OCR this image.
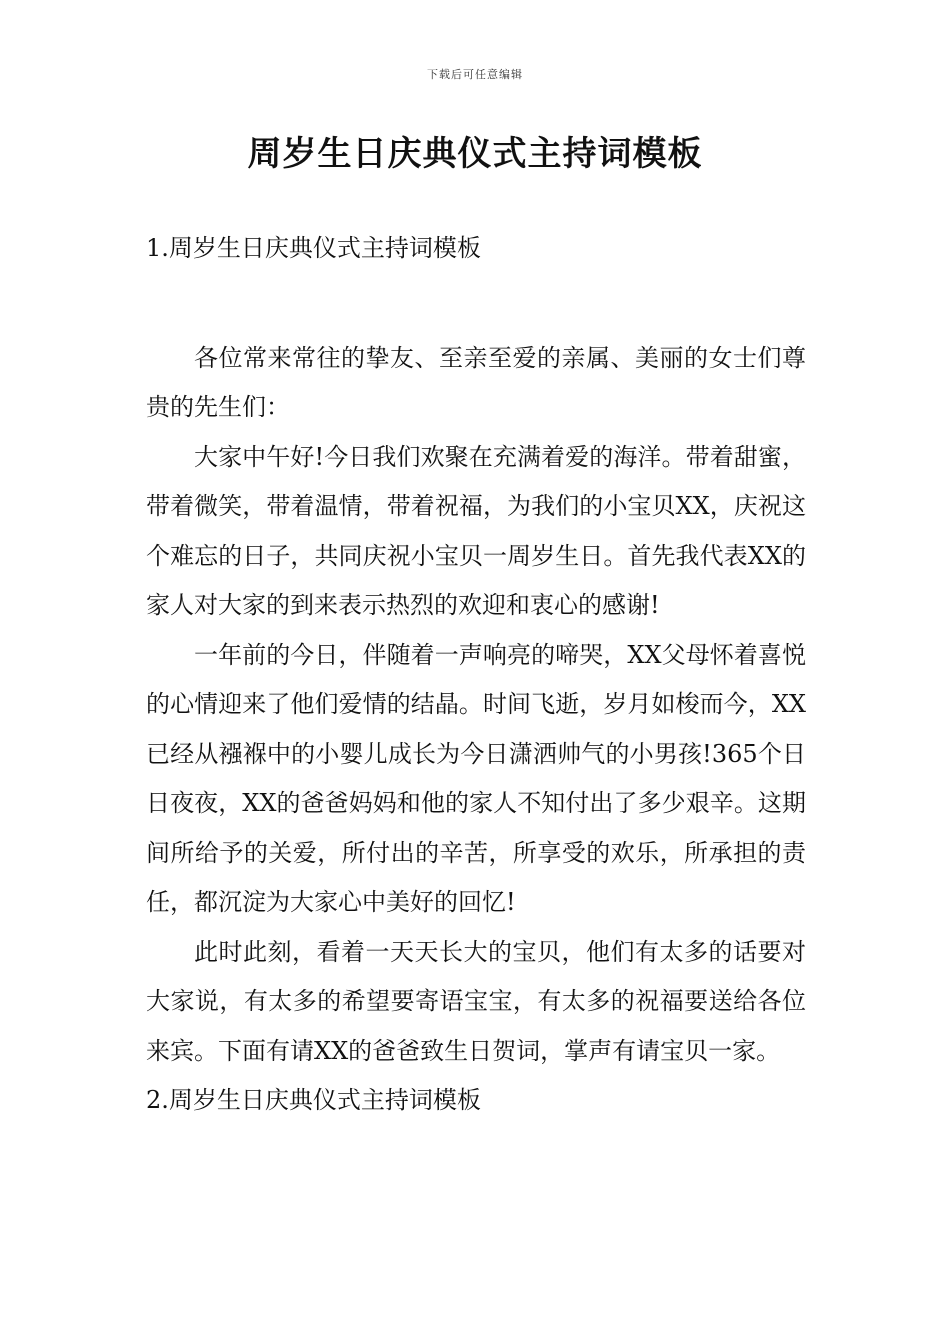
下载后可任意编辑
周岁生日庆典仪式主持词模板

1.周岁生日庆典仪式主持词模板

各位常来常往的挚友、至亲至爱的亲属、美丽的女士们尊贵的先生们：

大家中午好!今日我们欢聚在充满着爱的海洋。带着甜蜜，带着微笑，带着温情，带着祝福，为我们的小宝贝XX，庆祝这个难忘的日子，共同庆祝小宝贝一周岁生日。首先我代表XX的家人对大家的到来表示热烈的欢迎和衷心的感谢!

一年前的今日，伴随着一声响亮的啼哭，XX父母怀着喜悦的心情迎来了他们爱情的结晶。时间飞逝，岁月如梭而今，XX已经从襁褓中的小婴儿成长为今日潇洒帅气的小男孩!365个日日夜夜，XX的爸爸妈妈和他的家人不知付出了多少艰辛。这期间所给予的关爱，所付出的辛苦，所享受的欢乐，所承担的责任，都沉淀为大家心中美好的回忆!

此时此刻，看着一天天长大的宝贝，他们有太多的话要对大家说，有太多的希望要寄语宝宝，有太多的祝福要送给各位来宾。下面有请XX的爸爸致生日贺词，掌声有请宝贝一家。

2.周岁生日庆典仪式主持词模板
